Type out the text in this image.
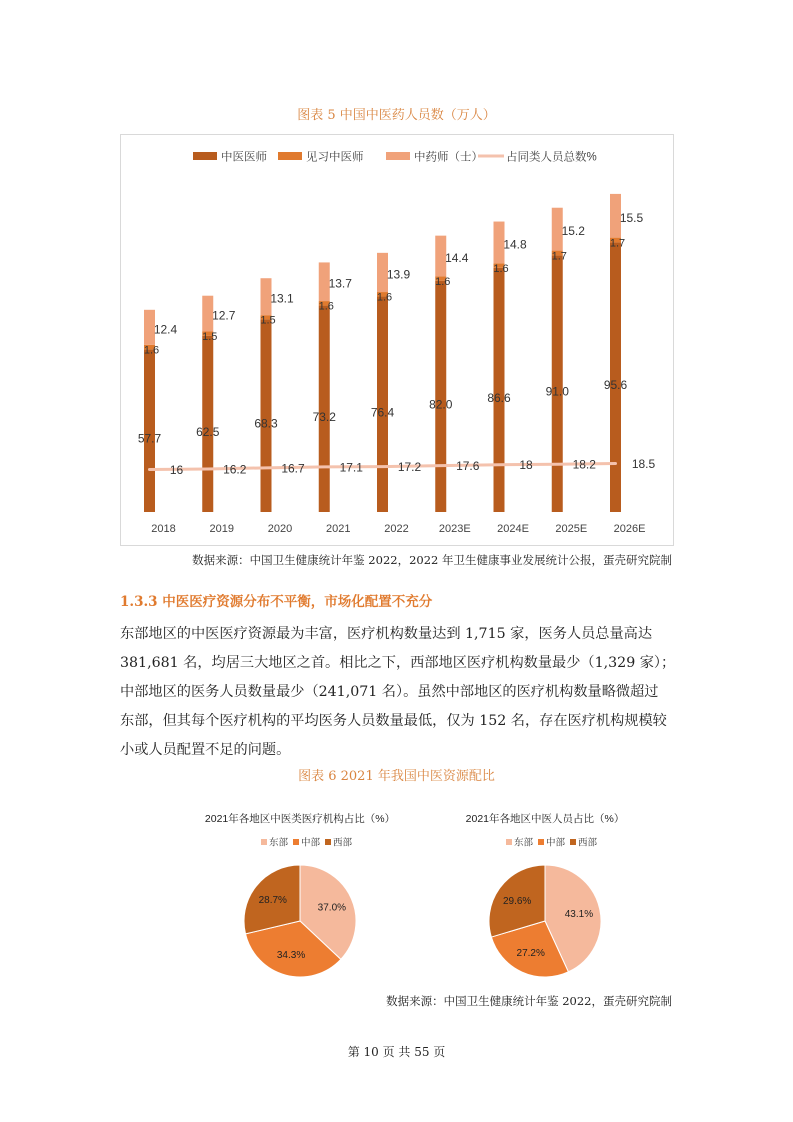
图表 5 中国中医药人员数（万人）
中医医师	见习中医师	中药师（士） 占同类人员总数%
57.7
1.6
12.4
2018
62.5
1.5
12.7
2019
68.3
1.5
13.1
2020
73.2
1.6
13.7
2021
76.4
1.6
13.9
2022
82.0
1.6
14.4
2023E
86.6
1.6
14.8
2024E
91.0
1.7
15.2
2025E
95.6
1.7
15.5
2026E
16	16.2	16.7	17.1	17.2	17.6	18	18.2	18.5
数据来源：中国卫生健康统计年鉴 2022，2022 年卫生健康事业发展统计公报，蛋壳研究院制
1.3.3 中医医疗资源分布不平衡，市场化配置不充分

东部地区的中医医疗资源最为丰富，医疗机构数量达到 1,715 家，医务人员总量高达

381,681 名，均居三大地区之首。相比之下，西部地区医疗机构数量最少（1,329 家）；

中部地区的医务人员数量最少（241,071 名）。虽然中部地区的医疗机构数量略微超过

东部，但其每个医疗机构的平均医务人员数量最低，仅为 152 名，存在医疗机构规模较

小或人员配置不足的问题。

图表 6 2021 年我国中医资源配比
2021年各地区中医类医疗机构占比（%）
东部 中部 西部
37.0%
34.3%
28.7%
2021年各地区中医人员占比（%）
东部 中部 西部
43.1%
27.2%
29.6%
数据来源：中国卫生健康统计年鉴 2022，蛋壳研究院制
第 10 页 共 55 页
